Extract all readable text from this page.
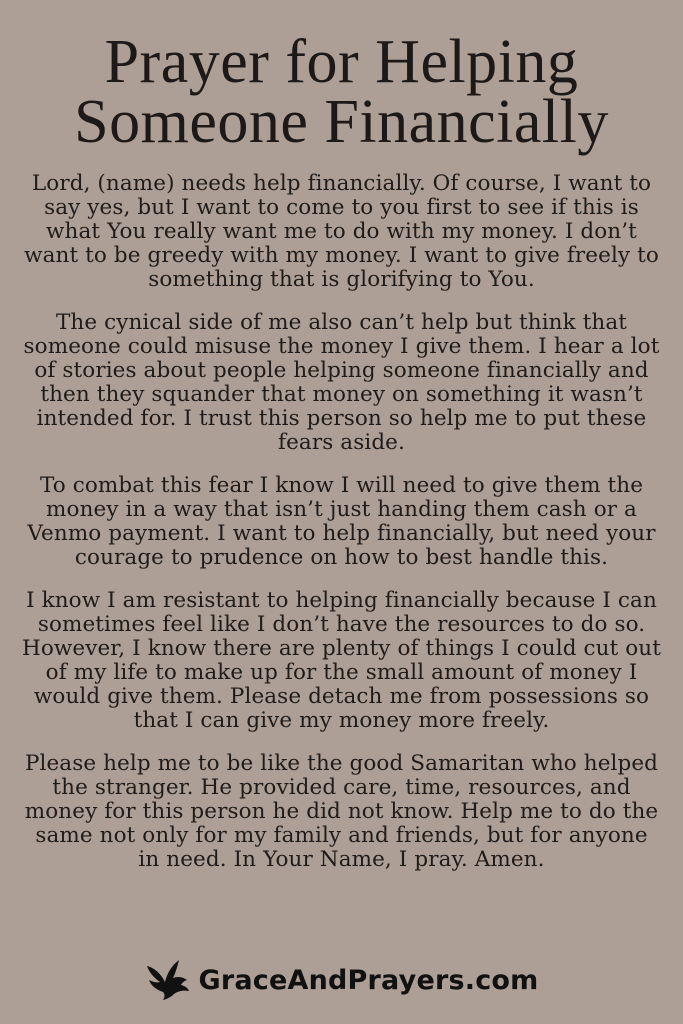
Prayer for Helping
Someone Financially

Lord, (name) needs help financially. Of course, I want to say yes, but I want to come to you first to see if this is what You really want me to do with my money. I don’t want to be greedy with my money. I want to give freely to something that is glorifying to You.

The cynical side of me also can’t help but think that someone could misuse the money I give them. I hear a lot of stories about people helping someone financially and then they squander that money on something it wasn’t intended for. I trust this person so help me to put these fears aside.

To combat this fear I know I will need to give them the money in a way that isn’t just handing them cash or a Venmo payment. I want to help financially, but need your courage to prudence on how to best handle this.

I know I am resistant to helping financially because I can sometimes feel like I don’t have the resources to do so. However, I know there are plenty of things I could cut out of my life to make up for the small amount of money I would give them. Please detach me from possessions so that I can give my money more freely.

Please help me to be like the good Samaritan who helped the stranger. He provided care, time, resources, and money for this person he did not know. Help me to do the same not only for my family and friends, but for anyone in need. In Your Name, I pray. Amen.

GraceAndPrayers.com
